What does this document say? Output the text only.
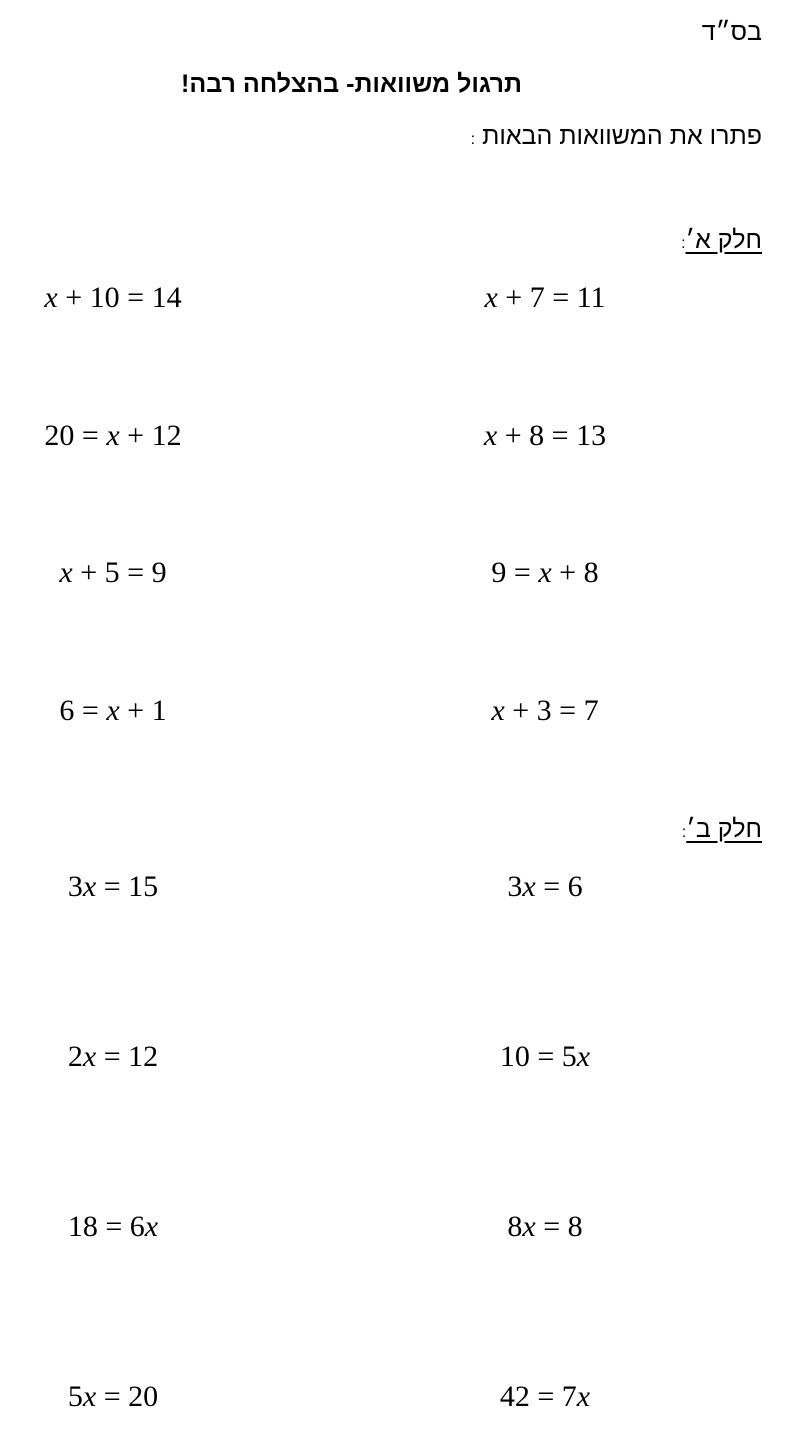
בס״ד
תרגול משוואות- בהצלחה רבה!
פתרו את המשוואות הבאות :
חלק א׳:
x + 7 = 11
x + 10 = 14
x + 8 = 13
20 = x + 12
9 = x + 8
x + 5 = 9
x + 3 = 7
6 = x + 1
חלק ב׳:
3x = 6
3x = 15
10 = 5x
2x = 12
8x = 8
18 = 6x
42 = 7x
5x = 20
